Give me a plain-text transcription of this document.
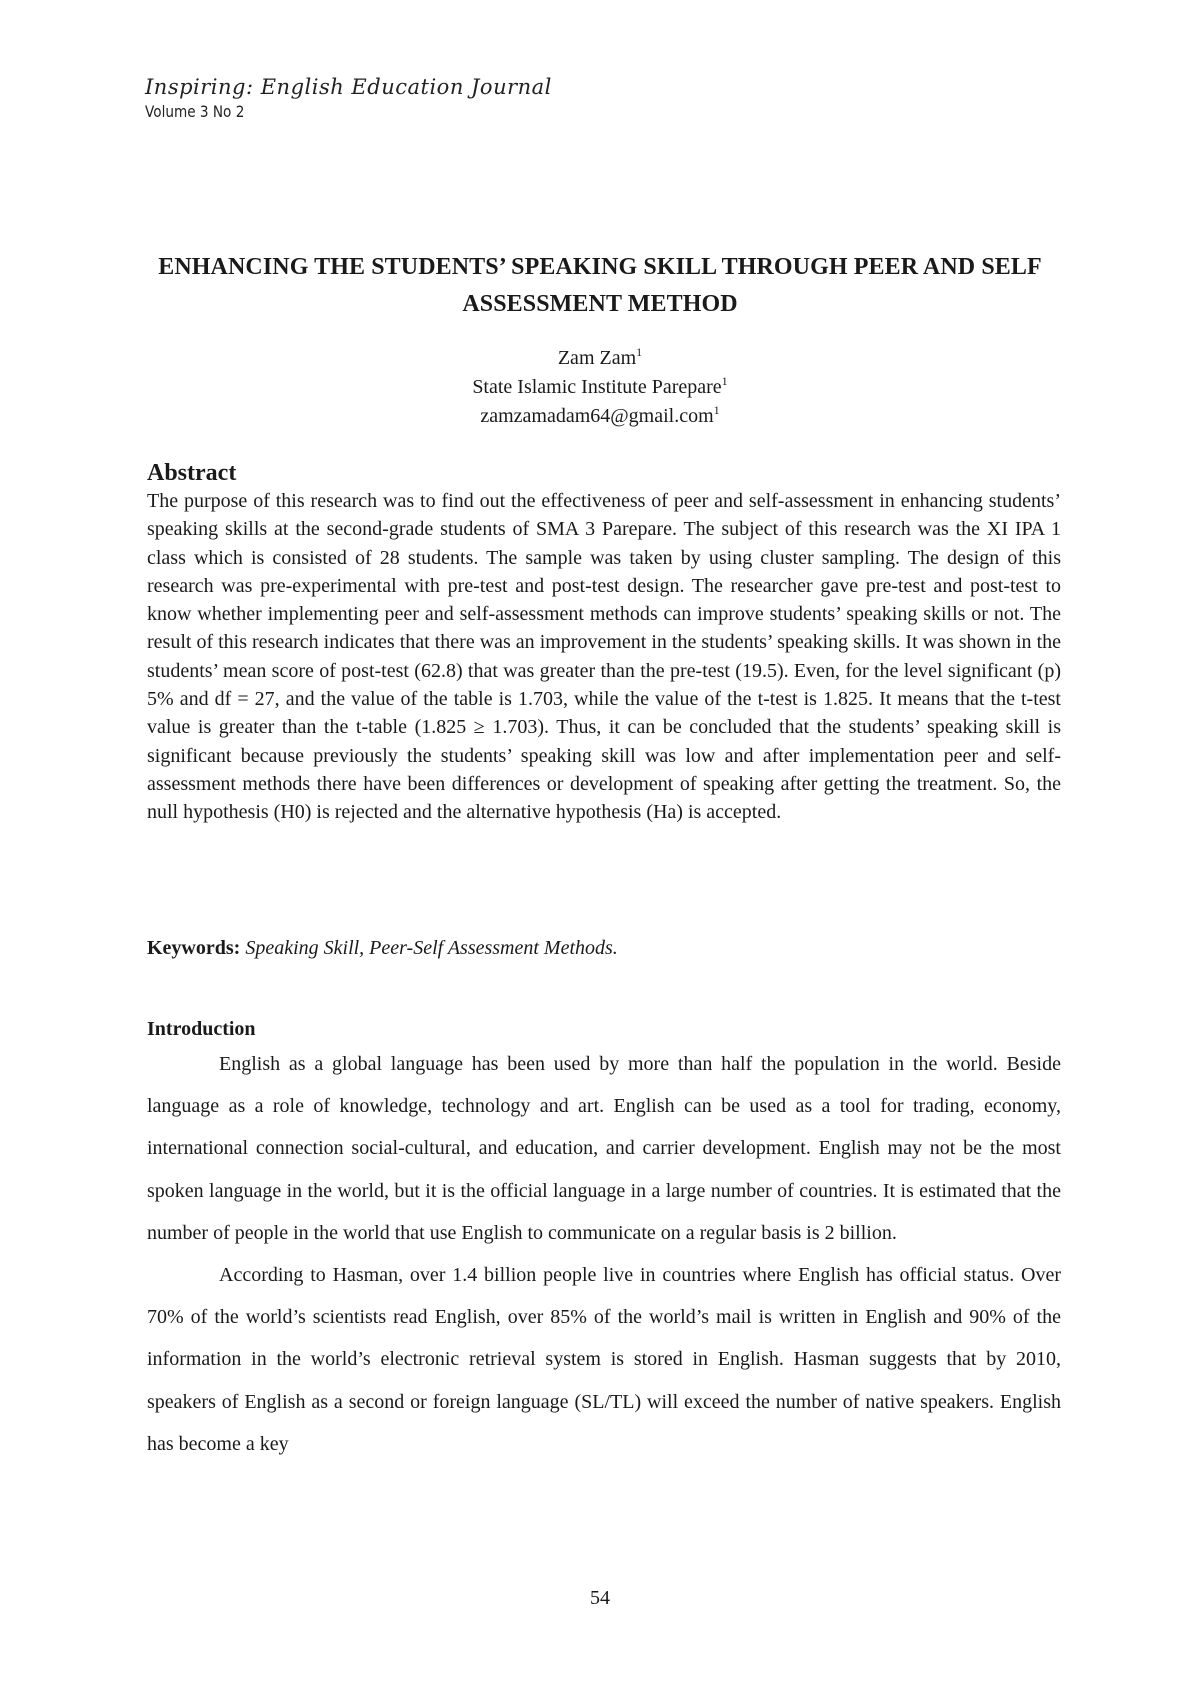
Inspiring: English Education Journal
Volume 3 No 2
ENHANCING THE STUDENTS’ SPEAKING SKILL THROUGH PEER AND SELF ASSESSMENT METHOD
Zam Zam$^1$
State Islamic Institute Parepare$^1$
zamzamadam64@gmail.com$^1$
Abstract
The purpose of this research was to find out the effectiveness of peer and self-assessment in enhancing students’ speaking skills at the second-grade students of SMA 3 Parepare. The subject of this research was the XI IPA 1 class which is consisted of 28 students. The sample was taken by using cluster sampling. The design of this research was pre-experimental with pre-test and post-test design. The researcher gave pre-test and post-test to know whether implementing peer and self-assessment methods can improve students’ speaking skills or not. The result of this research indicates that there was an improvement in the students’ speaking skills. It was shown in the students’ mean score of post-test (62.8) that was greater than the pre-test (19.5). Even, for the level significant (p) 5% and df = 27, and the value of the table is 1.703, while the value of the t-test is 1.825. It means that the t-test value is greater than the t-table (1.825 ≥ 1.703). Thus, it can be concluded that the students’ speaking skill is significant because previously the students’ speaking skill was low and after implementation peer and self-assessment methods there have been differences or development of speaking after getting the treatment. So, the null hypothesis (H0) is rejected and the alternative hypothesis (Ha) is accepted.
Keywords: Speaking Skill, Peer-Self Assessment Methods.
Introduction

English as a global language has been used by more than half the population in the world. Beside language as a role of knowledge, technology and art. English can be used as a tool for trading, economy, international connection social-cultural, and education, and carrier development. English may not be the most spoken language in the world, but it is the official language in a large number of countries. It is estimated that the number of people in the world that use English to communicate on a regular basis is 2 billion.

According to Hasman, over 1.4 billion people live in countries where English has official status. Over 70% of the world’s scientists read English, over 85% of the world’s mail is written in English and 90% of the information in the world’s electronic retrieval system is stored in English. Hasman suggests that by 2010, speakers of English as a second or foreign language (SL/TL) will exceed the number of native speakers. English has become a key

54
